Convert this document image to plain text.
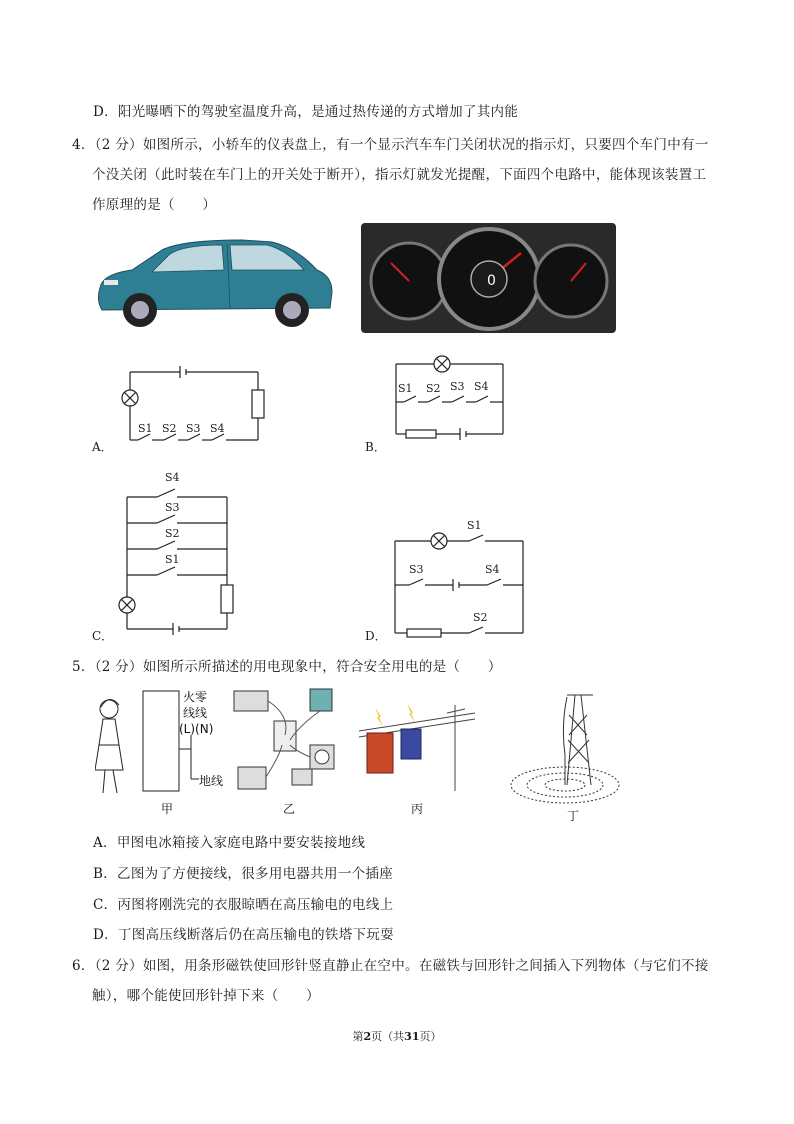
D．阳光曝晒下的驾驶室温度升高，是通过热传递的方式增加了其内能
4．（2 分）如图所示，小轿车的仪表盘上，有一个显示汽车车门关闭状况的指示灯，只要四个车门中有一
个没关闭（此时装在车门上的开关处于断开），指示灯就发光提醒，下面四个电路中，能体现该装置工
作原理的是（　　）
0
A．
S1 S2 S3 S4
B．
S1 S2 S3 S4
C．
S4
S3
S2
S1
D．
S1
S3	S4
S2
5．（2 分）如图所示所描述的用电现象中，符合安全用电的是（　　）
火零
线线
(L)(N)
地线
甲	乙	丙	丁
A．甲图电冰箱接入家庭电路中要安装接地线
B．乙图为了方便接线，很多用电器共用一个插座
C．丙图将刚洗完的衣服晾晒在高压输电的电线上
D．丁图高压线断落后仍在高压输电的铁塔下玩耍
6．（2 分）如图，用条形磁铁使回形针竖直静止在空中。在磁铁与回形针之间插入下列物体（与它们不接
触），哪个能使回形针掉下来（　　）
第2页（共31页）
